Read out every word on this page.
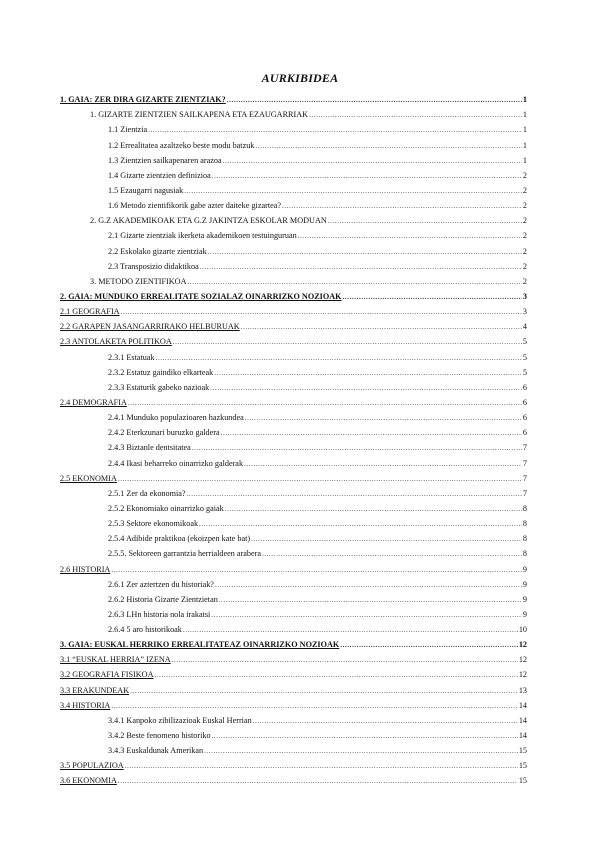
AURKIBIDEA
1. GAIA: ZER DIRA GIZARTE ZIENTZIAK? .....	1
1. GIZARTE ZIENTZIEN SAILKAPENA ETA EZAUGARRIAK .....	1
1.1 Zientzia .....	1
1.2 Errealitatea azaltzeko beste modu batzuk .....	1
1.3 Zientzien sailkapenaren arazoa .....	1
1.4 Gizarte zientzien definizioa .....	2
1.5 Ezaugarri nagusiak .....	2
1.6 Metodo zientifikorik gabe azter daiteke gizartea? .....	2
2. G.Z AKADEMIKOAK ETA G.Z JAKINTZA ESKOLAR MODUAN .....	2
2.1 Gizarte zientziak ikerketa akademikoen testuinguruan .....	2
2.2 Eskolako gizarte zientziak .....	2
2.3 Transposizio didaktikoa .....	2
3. METODO ZIENTIFIKOA .....	2
2. GAIA: MUNDUKO ERREALITATE SOZIALAZ OINARRIZKO NOZIOAK .....	3
2.1 GEOGRAFIA .....	3
2.2 GARAPEN JASANGARRIRAKO HELBURUAK .....	4
2.3 ANTOLAKETA POLITIKOA .....	5
2.3.1 Estatuak .....	5
2.3.2 Estatuz gaindiko elkarteak .....	5
2.3.3 Estaturik gabeko nazioak .....	6
2.4 DEMOGRAFIA .....	6
2.4.1 Munduko populazioaren hazkundea .....	6
2.4.2 Eterkzunari buruzko galdera .....	6
2.4.3 Biztanle dentsitatea .....	7
2.4.4 Ikasi beharreko oinarrizko galderak .....	7
2.5 EKONOMIA .....	7
2.5.1 Zer da ekonomia? .....	7
2.5.2 Ekonomiako oinarrizko gaiak .....	8
2.5.3 Sektore ekonomikoak .....	8
2.5.4 Adibide praktikoa (ekoizpen kate bat) .....	8
2.5.5. Sektoreen garrantzia herrialdeen arabera .....	8
2.6 HISTORIA .....	9
2.6.1 Zer aztertzen du historiak? .....	9
2.6.2 Historia Gizarte Zientzietan .....	9
2.6.3 LHn historia nola irakatsi .....	9
2.6.4 5 aro historikoak .....	10
3. GAIA: EUSKAL HERRIKO ERREALITATEAZ OINARRIZKO NOZIOAK .....	12
3.1 “EUSKAL HERRIA” IZENA .....	12
3.2 GEOGRAFIA FISIKOA .....	12
3.3 ERAKUNDEAK .....	13
3.4 HISTORIA .....	14
3.4.1 Kanpoko zibilizazioak Euskal Herrian .....	14
3.4.2 Beste fenomeno historiko .....	14
3.4.3 Euskaldunak Amerikan .....	15
3.5 POPULAZIOA .....	15
3.6 EKONOMIA .....	15
